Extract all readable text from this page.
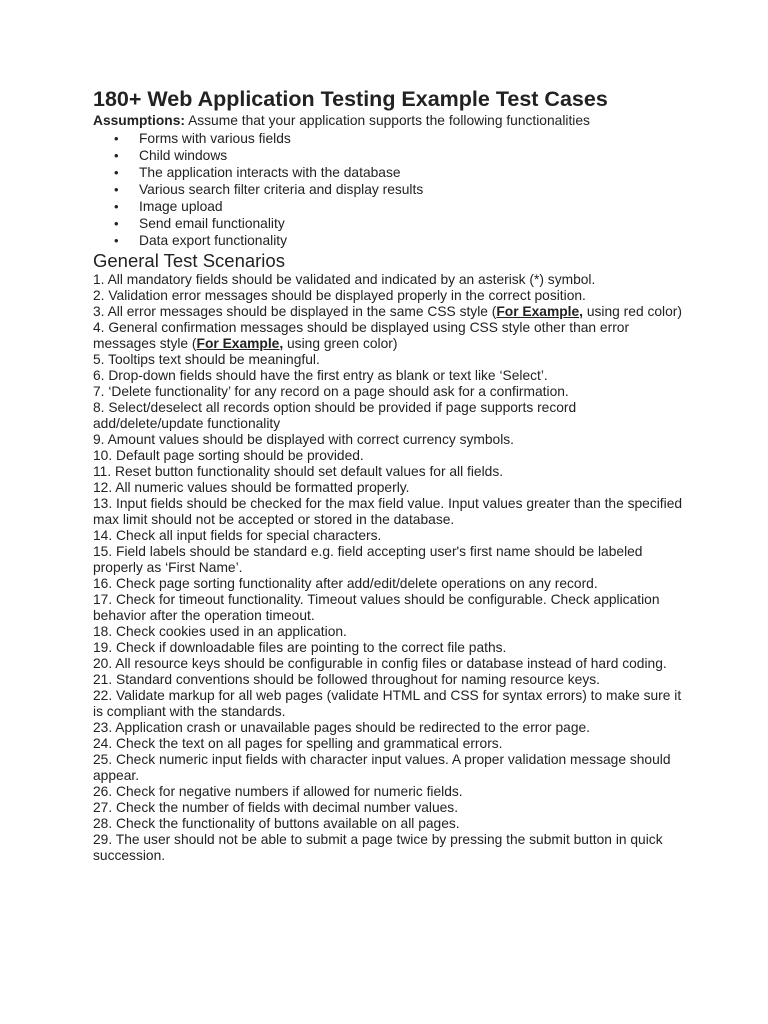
180+ Web Application Testing Example Test Cases
Assumptions: Assume that your application supports the following functionalities
• Forms with various fields
• Child windows
• The application interacts with the database
• Various search filter criteria and display results
• Image upload
• Send email functionality
• Data export functionality
General Test Scenarios
1. All mandatory fields should be validated and indicated by an asterisk (*) symbol.
2. Validation error messages should be displayed properly in the correct position.
3. All error messages should be displayed in the same CSS style (For Example, using red color)
4. General confirmation messages should be displayed using CSS style other than error messages style (For Example, using green color)
5. Tooltips text should be meaningful.
6. Drop-down fields should have the first entry as blank or text like ‘Select’.
7. ‘Delete functionality’ for any record on a page should ask for a confirmation.
8. Select/deselect all records option should be provided if page supports record add/delete/update functionality
9. Amount values should be displayed with correct currency symbols.
10. Default page sorting should be provided.
11. Reset button functionality should set default values for all fields.
12. All numeric values should be formatted properly.
13. Input fields should be checked for the max field value. Input values greater than the specified max limit should not be accepted or stored in the database.
14. Check all input fields for special characters.
15. Field labels should be standard e.g. field accepting user's first name should be labeled properly as ‘First Name’.
16. Check page sorting functionality after add/edit/delete operations on any record.
17. Check for timeout functionality. Timeout values should be configurable. Check application behavior after the operation timeout.
18. Check cookies used in an application.
19. Check if downloadable files are pointing to the correct file paths.
20. All resource keys should be configurable in config files or database instead of hard coding.
21. Standard conventions should be followed throughout for naming resource keys.
22. Validate markup for all web pages (validate HTML and CSS for syntax errors) to make sure it is compliant with the standards.
23. Application crash or unavailable pages should be redirected to the error page.
24. Check the text on all pages for spelling and grammatical errors.
25. Check numeric input fields with character input values. A proper validation message should appear.
26. Check for negative numbers if allowed for numeric fields.
27. Check the number of fields with decimal number values.
28. Check the functionality of buttons available on all pages.
29. The user should not be able to submit a page twice by pressing the submit button in quick succession.
